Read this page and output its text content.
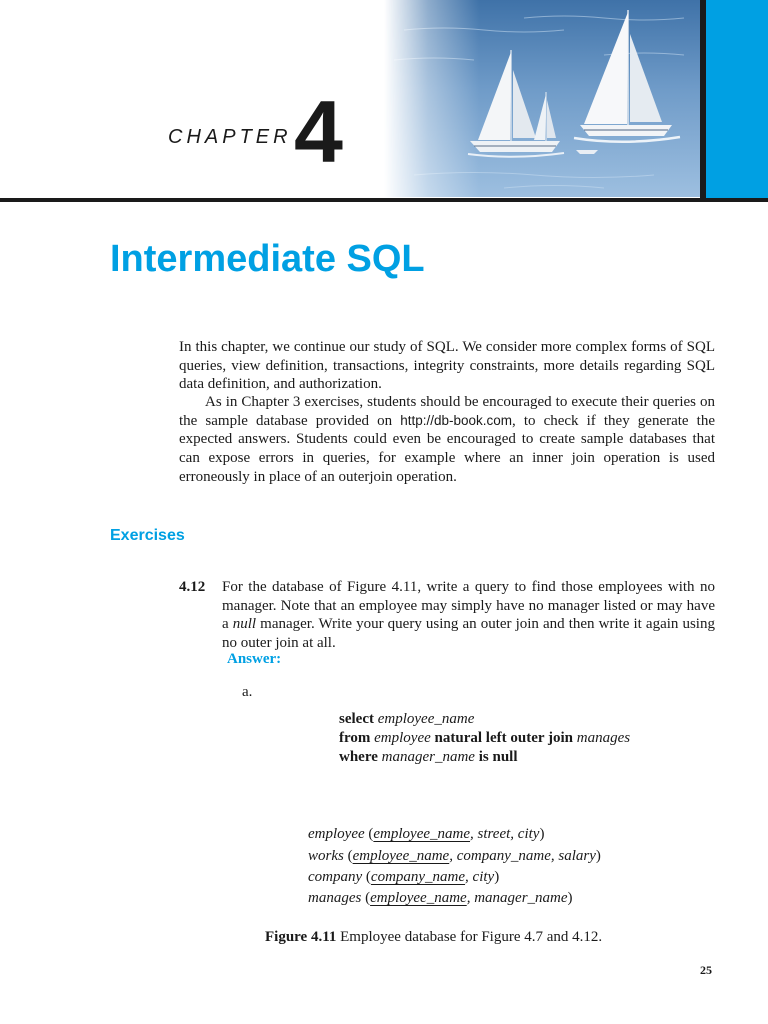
CHAPTER 4
Intermediate SQL

In this chapter, we continue our study of SQL. We consider more complex forms of SQL queries, view definition, transactions, integrity constraints, more details regarding SQL data definition, and authorization.

As in Chapter 3 exercises, students should be encouraged to execute their queries on the sample database provided on http://db-book.com, to check if they generate the expected answers. Students could even be encouraged to create sample databases that can expose errors in queries, for example where an inner join operation is used erroneously in place of an outerjoin operation.

Exercises
4.12 For the database of Figure 4.11, write a query to find those employees with no manager. Note that an employee may simply have no manager listed or may have a null manager. Write your query using an outer join and then write it again using no outer join at all.

Answer:
a.
select employee_name
from employee natural left outer join manages
where manager_name is null
employee (employee_name, street, city)
works (employee_name, company_name, salary)
company (company_name, city)
manages (employee_name, manager_name)
Figure 4.11 Employee database for Figure 4.7 and 4.12.
25
